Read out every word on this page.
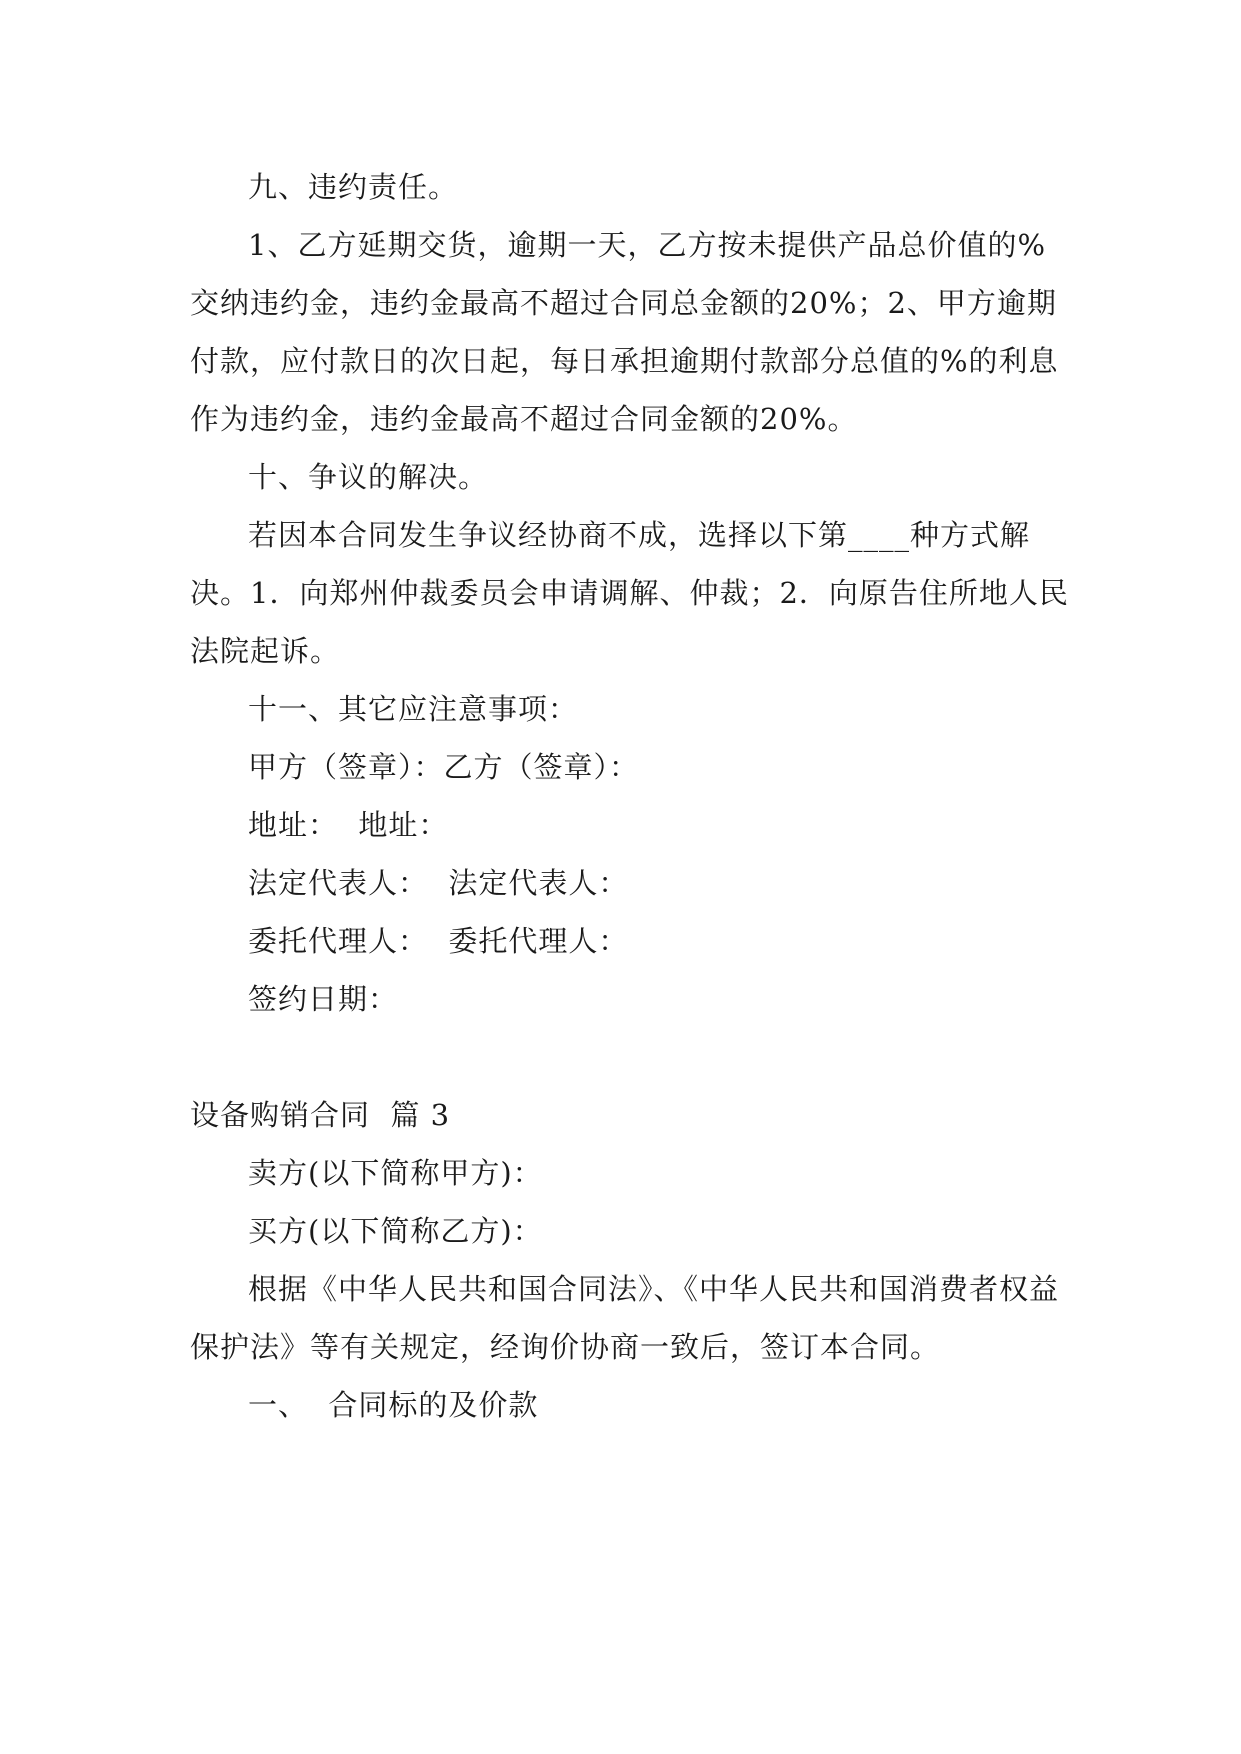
九、违约责任。

1、乙方延期交货，逾期一天，乙方按未提供产品总价值的%交纳违约金，违约金最高不超过合同总金额的20%；2、甲方逾期付款，应付款日的次日起，每日承担逾期付款部分总值的%的利息作为违约金，违约金最高不超过合同金额的20%。

十、争议的解决。

若因本合同发生争议经协商不成，选择以下第____种方式解决。1．向郑州仲裁委员会申请调解、仲裁；2．向原告住所地人民法院起诉。

十一、其它应注意事项：

甲方（签章）：乙方（签章）：

地址：  地址：

法定代表人：  法定代表人：

委托代理人：  委托代理人：

签约日期：

设备购销合同  篇 3

卖方(以下简称甲方)：

买方(以下简称乙方)：

根据《中华人民共和国合同法》、《中华人民共和国消费者权益保护法》等有关规定，经询价协商一致后，签订本合同。

一、  合同标的及价款
